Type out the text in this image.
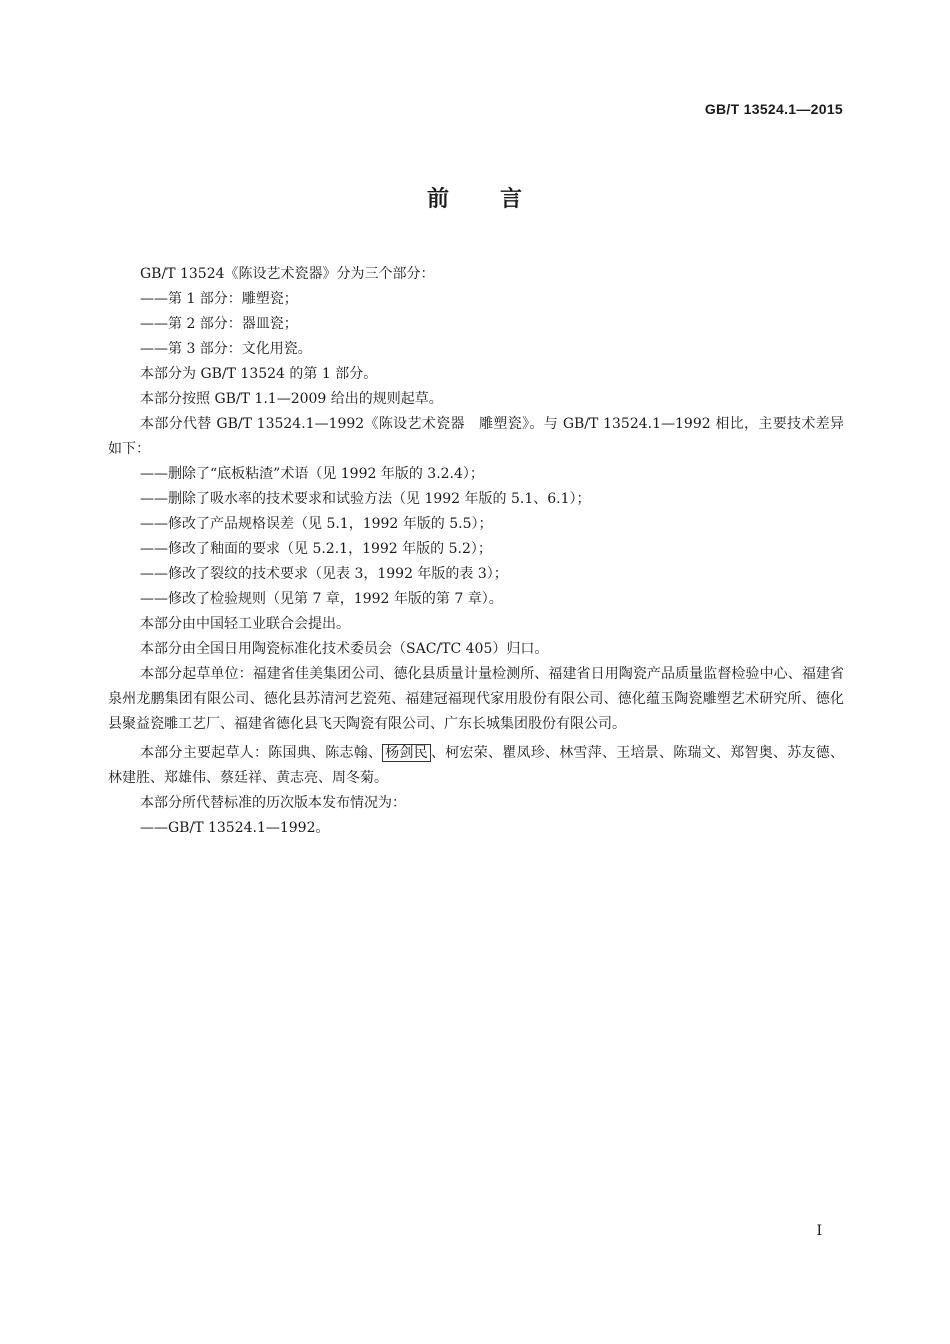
GB/T 13524.1—2015
前 言

GB/T 13524《陈设艺术瓷器》分为三个部分：

——第 1 部分：雕塑瓷；

——第 2 部分：器皿瓷；

——第 3 部分：文化用瓷。

本部分为 GB/T 13524 的第 1 部分。

本部分按照 GB/T 1.1—2009 给出的规则起草。

本部分代替 GB/T 13524.1—1992《陈设艺术瓷器　雕塑瓷》。与 GB/T 13524.1—1992 相比，主要技术差异如下：

——删除了“底板粘渣”术语（见 1992 年版的 3.2.4）；

——删除了吸水率的技术要求和试验方法（见 1992 年版的 5.1、6.1）；

——修改了产品规格误差（见 5.1，1992 年版的 5.5）；

——修改了釉面的要求（见 5.2.1，1992 年版的 5.2）；

——修改了裂纹的技术要求（见表 3，1992 年版的表 3）；

——修改了检验规则（见第 7 章，1992 年版的第 7 章）。

本部分由中国轻工业联合会提出。

本部分由全国日用陶瓷标准化技术委员会（SAC/TC 405）归口。

本部分起草单位：福建省佳美集团公司、德化县质量计量检测所、福建省日用陶瓷产品质量监督检验中心、福建省泉州龙鹏集团有限公司、德化县苏清河艺瓷苑、福建冠福现代家用股份有限公司、德化蕴玉陶瓷雕塑艺术研究所、德化县聚益瓷雕工艺厂、福建省德化县飞天陶瓷有限公司、广东长城集团股份有限公司。

本部分主要起草人：陈国典、陈志翰、 杨剑民 、柯宏荣、瞿凤珍、林雪萍、王培景、陈瑞文、郑智奥、苏友德、林建胜、郑雄伟、蔡廷祥、黄志亮、周冬菊。

本部分所代替标准的历次版本发布情况为：

——GB/T 13524.1—1992。

I
